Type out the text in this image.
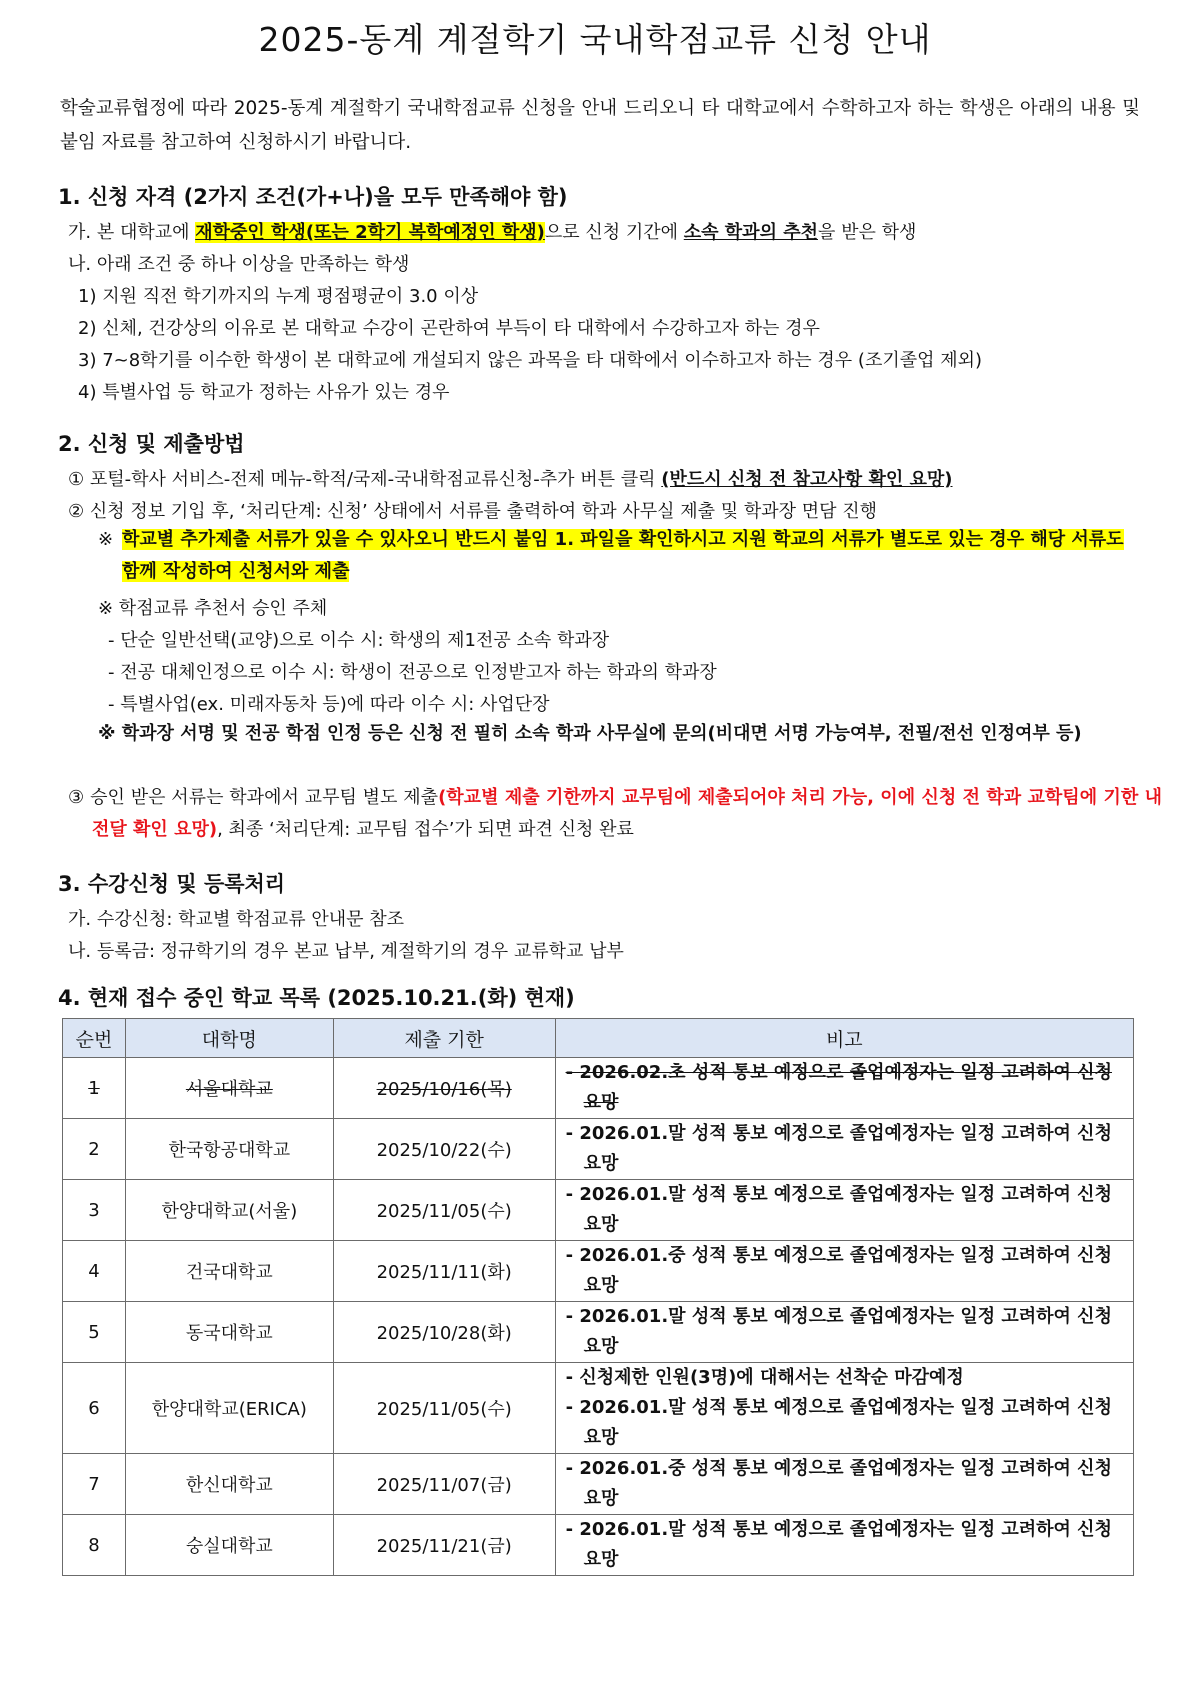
2025-동계 계절학기 국내학점교류 신청 안내

학술교류협정에 따라 2025-동계 계절학기 국내학점교류 신청을 안내 드리오니 타 대학교에서 수학하고자 하는 학생은 아래의 내용 및 붙임 자료를 참고하여 신청하시기 바랍니다.

1. 신청 자격 (2가지 조건(가+나)을 모두 만족해야 함)

가. 본 대학교에 재학중인 학생(또는 2학기 복학예정인 학생)으로 신청 기간에 소속 학과의 추천을 받은 학생

나. 아래 조건 중 하나 이상을 만족하는 학생

1) 지원 직전 학기까지의 누계 평점평균이 3.0 이상

2) 신체, 건강상의 이유로 본 대학교 수강이 곤란하여 부득이 타 대학에서 수강하고자 하는 경우

3) 7~8학기를 이수한 학생이 본 대학교에 개설되지 않은 과목을 타 대학에서 이수하고자 하는 경우 (조기졸업 제외)

4) 특별사업 등 학교가 정하는 사유가 있는 경우

2. 신청 및 제출방법

① 포털-학사 서비스-전제 메뉴-학적/국제-국내학점교류신청-추가 버튼 클릭 (반드시 신청 전 참고사항 확인 요망)

② 신청 정보 기입 후, ‘처리단계: 신청’ 상태에서 서류를 출력하여 학과 사무실 제출 및 학과장 면담 진행

※ 학교별 추가제출 서류가 있을 수 있사오니 반드시 붙임 1. 파일을 확인하시고 지원 학교의 서류가 별도로 있는 경우 해당 서류도 함께 작성하여 신청서와 제출

※ 학점교류 추천서 승인 주체

- 단순 일반선택(교양)으로 이수 시: 학생의 제1전공 소속 학과장

- 전공 대체인정으로 이수 시: 학생이 전공으로 인정받고자 하는 학과의 학과장

- 특별사업(ex. 미래자동차 등)에 따라 이수 시: 사업단장

※ 학과장 서명 및 전공 학점 인정 등은 신청 전 필히 소속 학과 사무실에 문의(비대면 서명 가능여부, 전필/전선 인정여부 등)
③ 승인 받은 서류는 학과에서 교무팀 별도 제출(학교별 제출 기한까지 교무팀에 제출되어야 처리 가능, 이에 신청 전 학과 교학팀에 기한 내 전달 확인 요망), 최종 ‘처리단계: 교무팀 접수’가 되면 파견 신청 완료
3. 수강신청 및 등록처리

가. 수강신청: 학교별 학점교류 안내문 참조

나. 등록금: 정규학기의 경우 본교 납부, 계절학기의 경우 교류학교 납부

4. 현재 접수 중인 학교 목록 (2025.10.21.(화) 현재)
순번	대학명	제출 기한	비고
1	서울대학교	2025/10/16(목)	- 2026.02.초 성적 통보 예정으로 졸업예정자는 일정 고려하여 신청 요망

2	한국항공대학교	2025/10/22(수)	- 2026.01.말 성적 통보 예정으로 졸업예정자는 일정 고려하여 신청 요망

3	한양대학교(서울)	2025/11/05(수)	- 2026.01.말 성적 통보 예정으로 졸업예정자는 일정 고려하여 신청 요망

4	건국대학교	2025/11/11(화)	- 2026.01.중 성적 통보 예정으로 졸업예정자는 일정 고려하여 신청 요망

5	동국대학교	2025/10/28(화)	- 2026.01.말 성적 통보 예정으로 졸업예정자는 일정 고려하여 신청 요망

6	한양대학교(ERICA)	2025/11/05(수)	- 신청제한 인원(3명)에 대해서는 선착순 마감예정
- 2026.01.말 성적 통보 예정으로 졸업예정자는 일정 고려하여 신청 요망

7	한신대학교	2025/11/07(금)	- 2026.01.중 성적 통보 예정으로 졸업예정자는 일정 고려하여 신청 요망

8	숭실대학교	2025/11/21(금)	- 2026.01.말 성적 통보 예정으로 졸업예정자는 일정 고려하여 신청 요망
